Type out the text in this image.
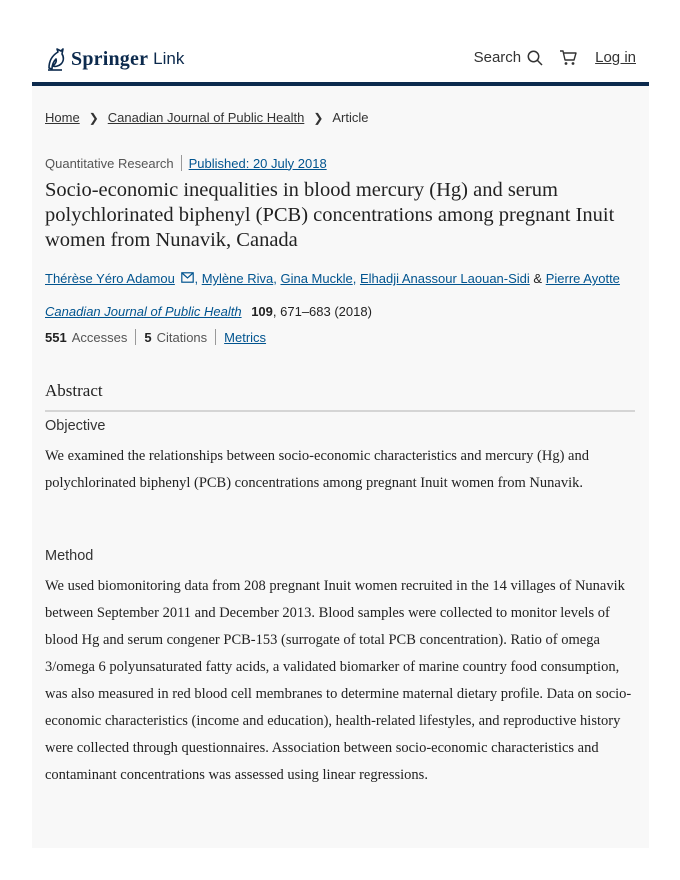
Springer Link	Search	Log in
Home ❯ Canadian Journal of Public Health ❯ Article
Quantitative Research Published: 20 July 2018
Socio-economic inequalities in blood mercury (Hg) and serum polychlorinated biphenyl (PCB) concentrations among pregnant Inuit women from Nunavik, Canada
Thérèse Yéro Adamou , Mylène Riva, Gina Muckle, Elhadji Anassour Laouan-Sidi & Pierre Ayotte
Canadian Journal of Public Health 109, 671–683 (2018)
551 Accesses 5 Citations Metrics
Abstract
Objective

We examined the relationships between socio-economic characteristics and mercury (Hg) and polychlorinated biphenyl (PCB) concentrations among pregnant Inuit women from Nunavik.

Method

We used biomonitoring data from 208 pregnant Inuit women recruited in the 14 villages of Nunavik between September 2011 and December 2013. Blood samples were collected to monitor levels of blood Hg and serum congener PCB-153 (surrogate of total PCB concentration). Ratio of omega 3/omega 6 polyunsaturated fatty acids, a validated biomarker of marine country food consumption, was also measured in red blood cell membranes to determine maternal dietary profile. Data on socio-economic characteristics (income and education), health-related lifestyles, and reproductive history were collected through questionnaires. Association between socio-economic characteristics and contaminant concentrations was assessed using linear regressions.
